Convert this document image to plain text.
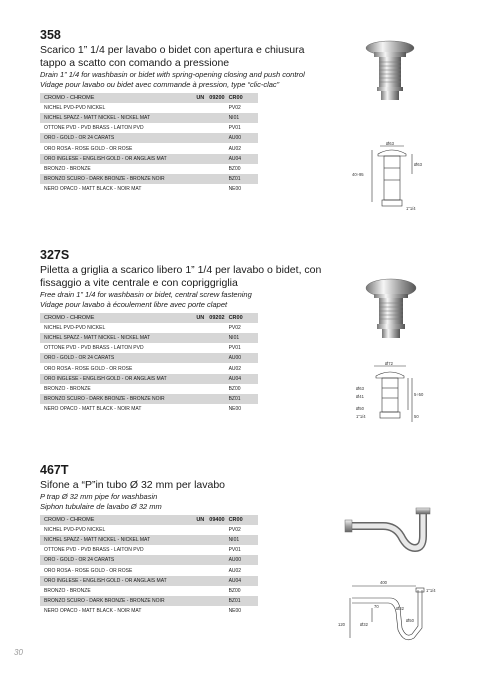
358
Scarico 1” 1/4 per lavabo o bidet con apertura e chiusura tappo a scatto con comando a pressione
Drain 1” 1/4 for washbasin or bidet with spring-opening closing and push control
Vidage pour lavabo ou bidet avec commande à pression, type “clic-clac”
CROMO - CHROME	UN 09200	CR00
NICHEL PVD-PVD NICKEL		PV02
NICHEL SPAZZ - MATT NICKEL - NICKEL MAT		NI01
OTTONE PVD - PVD BRASS - LAITON PVD		PV01
ORO - GOLD - OR 24 CARATS		AU00
ORO ROSA - ROSE GOLD - OR ROSE		AU02
ORO INGLESE - ENGLISH GOLD - OR ANGLAIS MAT		AU04
BRONZO - BRONZE		BZ00
BRONZO SCURO - DARK BRONZE - BRONZE NOIR		BZ01
NERO OPACO - MATT BLACK - NOIR MAT		NE00
Ø63
Ø63
40÷95
1"1/4
327S
Piletta a griglia a scarico libero 1” 1/4 per lavabo o bidet, con fissaggio a vite centrale e con copriggriglia
Free drain 1” 1/4 for washbasin or bidet, central screw fastening
Vidage pour lavabo à écoulement libre avec porte clapet
CROMO - CHROME	UN 09202	CR00
NICHEL PVD-PVD NICKEL		PV02
NICHEL SPAZZ - MATT NICKEL - NICKEL MAT		NI01
OTTONE PVD - PVD BRASS - LAITON PVD		PV01
ORO - GOLD - OR 24 CARATS		AU00
ORO ROSA - ROSE GOLD - OR ROSE		AU02
ORO INGLESE - ENGLISH GOLD - OR ANGLAIS MAT		AU04
BRONZO - BRONZE		BZ00
BRONZO SCURO - DARK BRONZE - BRONZE NOIR		BZ01
NERO OPACO - MATT BLACK - NOIR MAT		NE00
Ø72
Ø63
Ø41
Ø50
1"1/4
5÷50
50
467T
Sifone a “P”in tubo Ø 32 mm per lavabo
P trap Ø 32 mm pipe for washbasin
Siphon tubulaire de lavabo Ø 32 mm
CROMO - CHROME	UN 09400	CR00
NICHEL PVD-PVD NICKEL		PV02
NICHEL SPAZZ - MATT NICKEL - NICKEL MAT		NI01
OTTONE PVD - PVD BRASS - LAITON PVD		PV01
ORO - GOLD - OR 24 CARATS		AU00
ORO ROSA - ROSE GOLD - OR ROSE		AU02
ORO INGLESE - ENGLISH GOLD - OR ANGLAIS MAT		AU04
BRONZO - BRONZE		BZ00
BRONZO SCURO - DARK BRONZE - BRONZE NOIR		BZ01
NERO OPACO - MATT BLACK - NOIR MAT		NE00
400
1"1/4
70	Ø32
120	Ø32
Ø50
30
